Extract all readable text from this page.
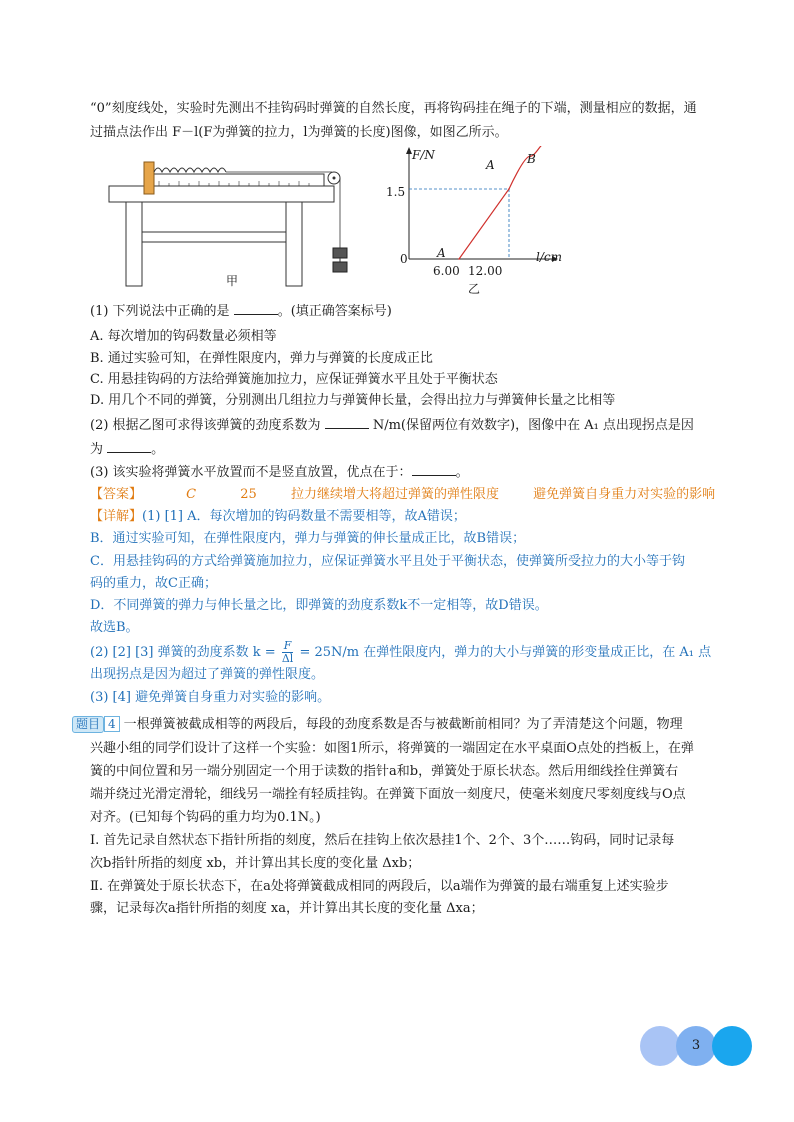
“0”刻度线处，实验时先测出不挂钩码时弹簧的自然长度，再将钩码挂在绳子的下端，测量相应的数据，通
过描点法作出 F－l(F为弹簧的拉力，l为弹簧的长度)图像，如图乙所示。
甲
F/N
l/cm
0
1.5
6.00 12.00
A
A	B
乙
(1) 下列说法中正确的是	。(填正确答案标号)
A. 每次增加的钩码数量必须相等
B. 通过实验可知，在弹性限度内，弹力与弹簧的长度成正比
C. 用悬挂钩码的方法给弹簧施加拉力，应保证弹簧水平且处于平衡状态
D. 用几个不同的弹簧，分别测出几组拉力与弹簧伸长量，会得出拉力与弹簧伸长量之比相等
(2) 根据乙图可求得该弹簧的劲度系数为	N/m(保留两位有效数字)，图像中在 A₁ 点出现拐点是因
为	。
(3) 该实验将弹簧水平放置而不是竖直放置，优点在于：	。
【答案】	C	25	拉力继续增大将超过弹簧的弹性限度	避免弹簧自身重力对实验的影响
【详解】(1) [1] A．每次增加的钩码数量不需要相等，故A错误；
B．通过实验可知，在弹性限度内，弹力与弹簧的伸长量成正比，故B错误；
C．用悬挂钩码的方式给弹簧施加拉力，应保证弹簧水平且处于平衡状态，使弹簧所受拉力的大小等于钩
码的重力，故C正确；
D．不同弹簧的弹力与伸长量之比，即弹簧的劲度系数k不一定相等，故D错误。
故选B。
(2) [2] [3] 弹簧的劲度系数 $k = \frac{F}{\Delta l} = 25N/m$ 在弹性限度内，弹力的大小与弹簧的形变量成正比，在 A₁ 点
出现拐点是因为超过了弹簧的弹性限度。
(3) [4] 避免弹簧自身重力对实验的影响。
题目 4 一根弹簧被截成相等的两段后，每段的劲度系数是否与被截断前相同？为了弄清楚这个问题，物理
兴趣小组的同学们设计了这样一个实验：如图1所示，将弹簧的一端固定在水平桌面O点处的挡板上，在弹
簧的中间位置和另一端分别固定一个用于读数的指针a和b，弹簧处于原长状态。然后用细线拴住弹簧右
端并绕过光滑定滑轮，细线另一端拴有轻质挂钩。在弹簧下面放一刻度尺，使毫米刻度尺零刻度线与O点
对齐。(已知每个钩码的重力均为0.1N。)
Ⅰ. 首先记录自然状态下指针所指的刻度，然后在挂钩上依次悬挂1个、2个、3个……钩码，同时记录每
次b指针所指的刻度 xb，并计算出其长度的变化量 Δxb；
Ⅱ. 在弹簧处于原长状态下，在a处将弹簧截成相同的两段后，以a端作为弹簧的最右端重复上述实验步
骤，记录每次a指针所指的刻度 xa，并计算出其长度的变化量 Δxa；
3
